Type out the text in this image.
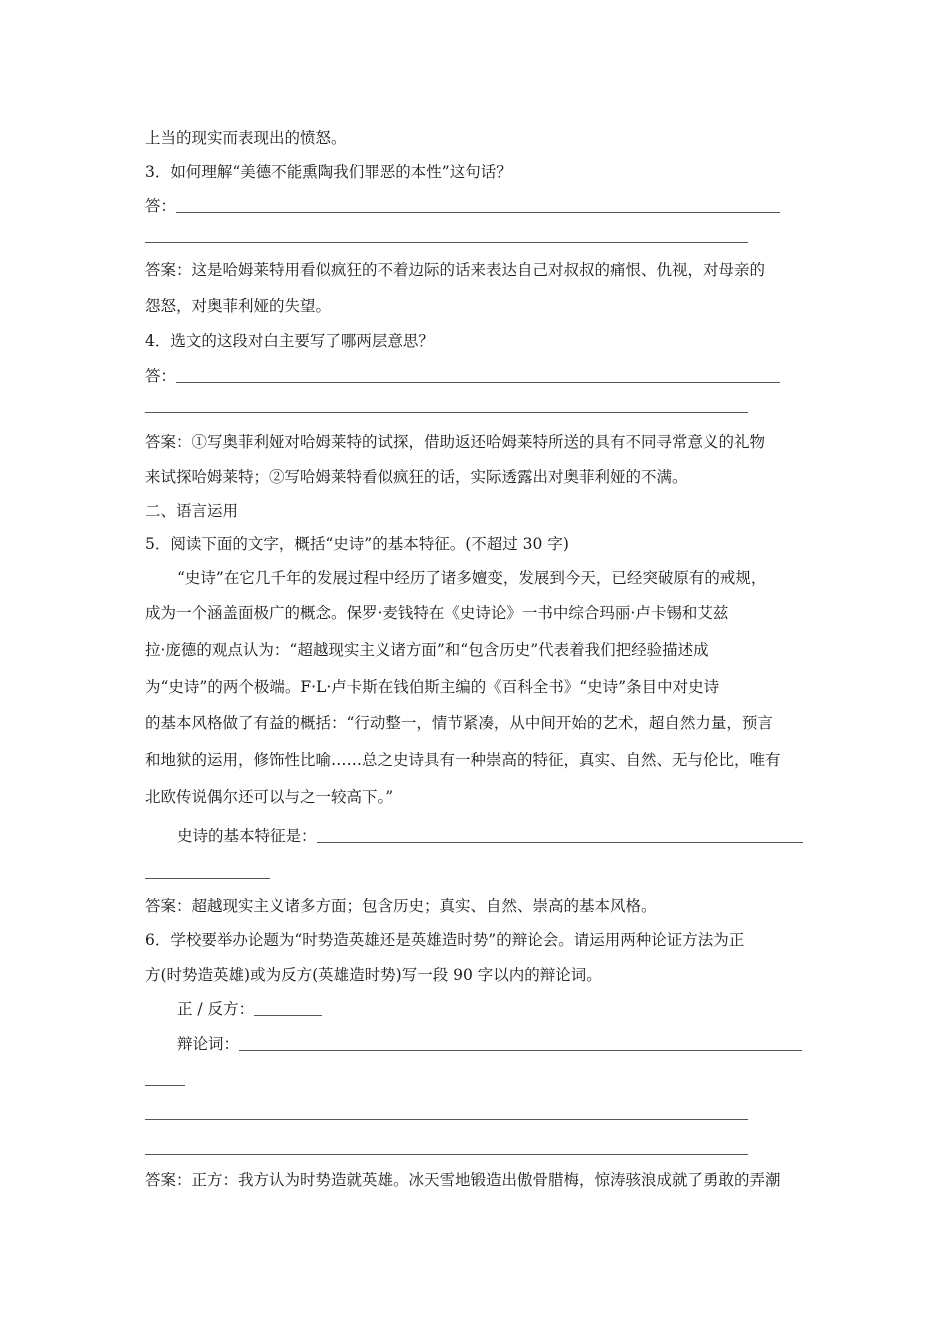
上当的现实而表现出的愤怒。
3．如何理解“美德不能熏陶我们罪恶的本性”这句话？
答：
答案：这是哈姆莱特用看似疯狂的不着边际的话来表达自己对叔叔的痛恨、仇视，对母亲的
怨怒，对奥菲利娅的失望。
4．选文的这段对白主要写了哪两层意思？
答：
答案：①写奥菲利娅对哈姆莱特的试探，借助返还哈姆莱特所送的具有不同寻常意义的礼物
来试探哈姆莱特；②写哈姆莱特看似疯狂的话，实际透露出对奥菲利娅的不满。
二、语言运用
5．阅读下面的文字，概括“史诗”的基本特征。(不超过 30 字)
“史诗”在它几千年的发展过程中经历了诸多嬗变，发展到今天，已经突破原有的戒规，
成为一个涵盖面极广的概念。保罗·麦钱特在《史诗论》一书中综合玛丽·卢卡锡和艾兹
拉·庞德的观点认为：“超越现实主义诸方面”和“包含历史”代表着我们把经验描述成
为“史诗”的两个极端。F·L·卢卡斯在钱伯斯主编的《百科全书》“史诗”条目中对史诗
的基本风格做了有益的概括：“行动整一，情节紧凑，从中间开始的艺术，超自然力量，预言
和地狱的运用，修饰性比喻……总之史诗具有一种崇高的特征，真实、自然、无与伦比，唯有
北欧传说偶尔还可以与之一较高下。”
史诗的基本特征是：
答案：超越现实主义诸多方面；包含历史；真实、自然、崇高的基本风格。
6．学校要举办论题为“时势造英雄还是英雄造时势”的辩论会。请运用两种论证方法为正
方(时势造英雄)或为反方(英雄造时势)写一段 90 字以内的辩论词。
正 / 反方：
辩论词：
答案：正方：我方认为时势造就英雄。冰天雪地锻造出傲骨腊梅，惊涛骇浪成就了勇敢的弄潮
